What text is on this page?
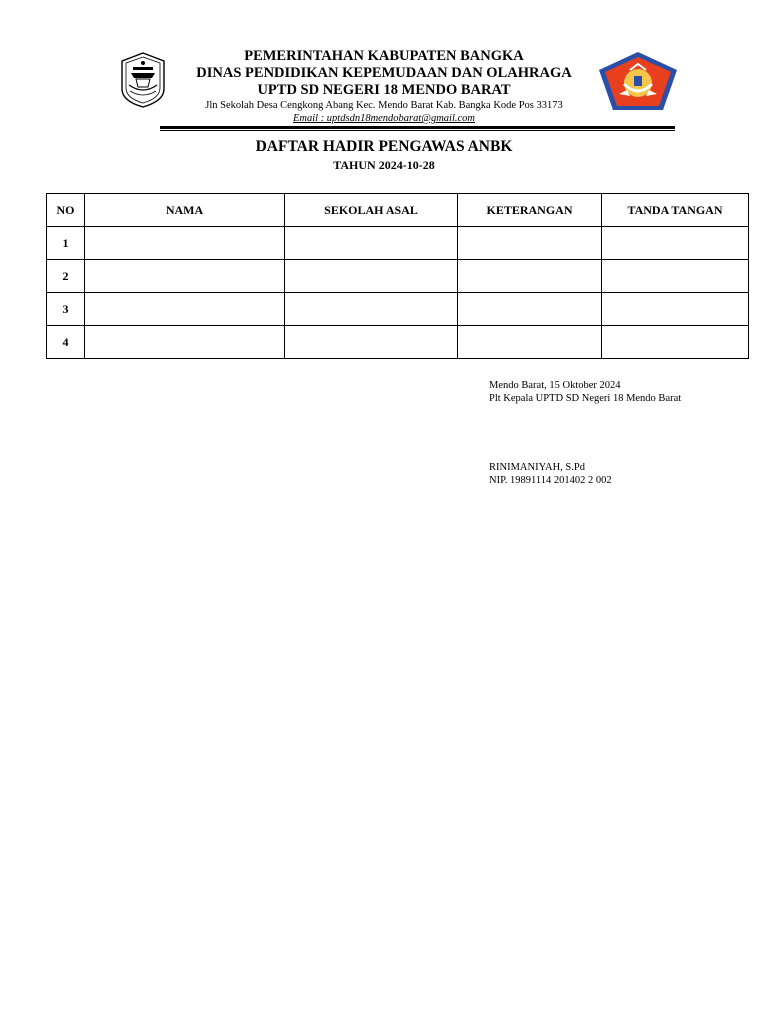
PEMERINTAHAN KABUPATEN BANGKA
DINAS PENDIDIKAN KEPEMUDAAN DAN OLAHRAGA
UPTD SD NEGERI 18 MENDO BARAT
Jln Sekolah Desa Cengkong Abang Kec. Mendo Barat Kab. Bangka Kode Pos 33173
Email : uptdsdn18mendobarat@gmail.com
DAFTAR HADIR PENGAWAS ANBK
TAHUN 2024-10-28
NO	NAMA	SEKOLAH ASAL	KETERANGAN	TANDA TANGAN
1				
2				
3				
4				
Mendo Barat, 15 Oktober 2024
Plt Kepala UPTD SD Negeri 18 Mendo Barat
RINIMANIYAH, S.Pd
NIP. 19891114 201402 2 002
